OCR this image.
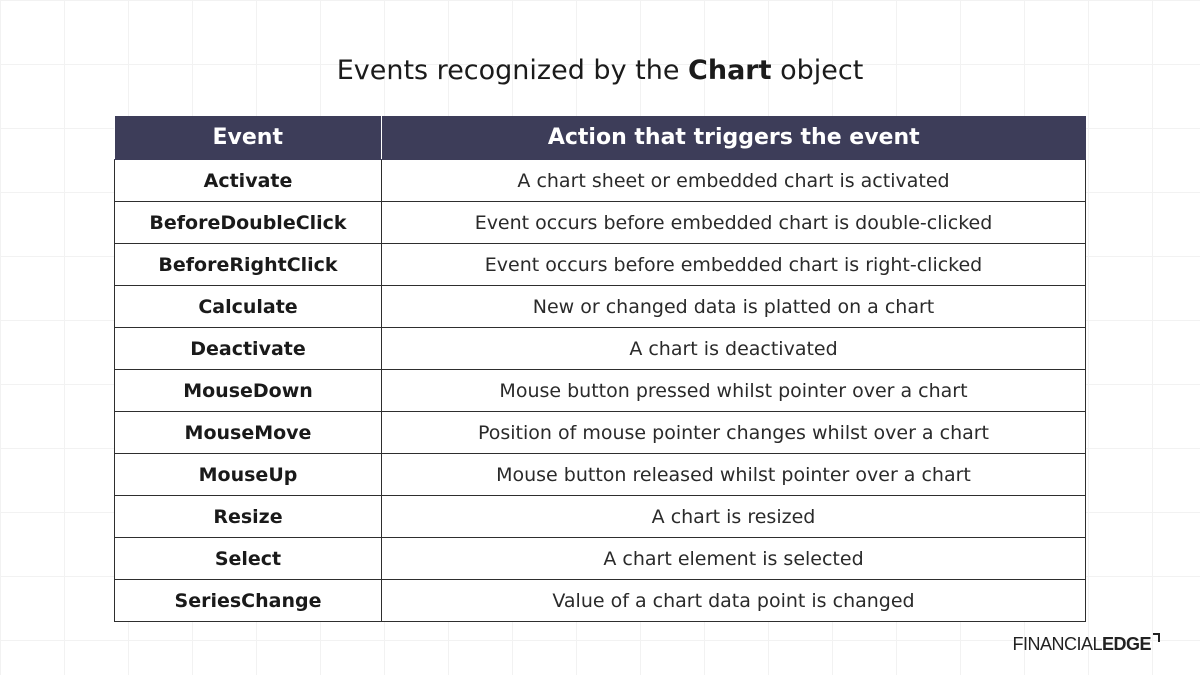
Events recognized by the Chart object
Event	Action that triggers the event
Activate	A chart sheet or embedded chart is activated
BeforeDoubleClick	Event occurs before embedded chart is double-clicked
BeforeRightClick	Event occurs before embedded chart is right-clicked
Calculate	New or changed data is platted on a chart
Deactivate	A chart is deactivated
MouseDown	Mouse button pressed whilst pointer over a chart
MouseMove	Position of mouse pointer changes whilst over a chart
MouseUp	Mouse button released whilst pointer over a chart
Resize	A chart is resized
Select	A chart element is selected
SeriesChange	Value of a chart data point is changed
FINANCIAL EDGE
